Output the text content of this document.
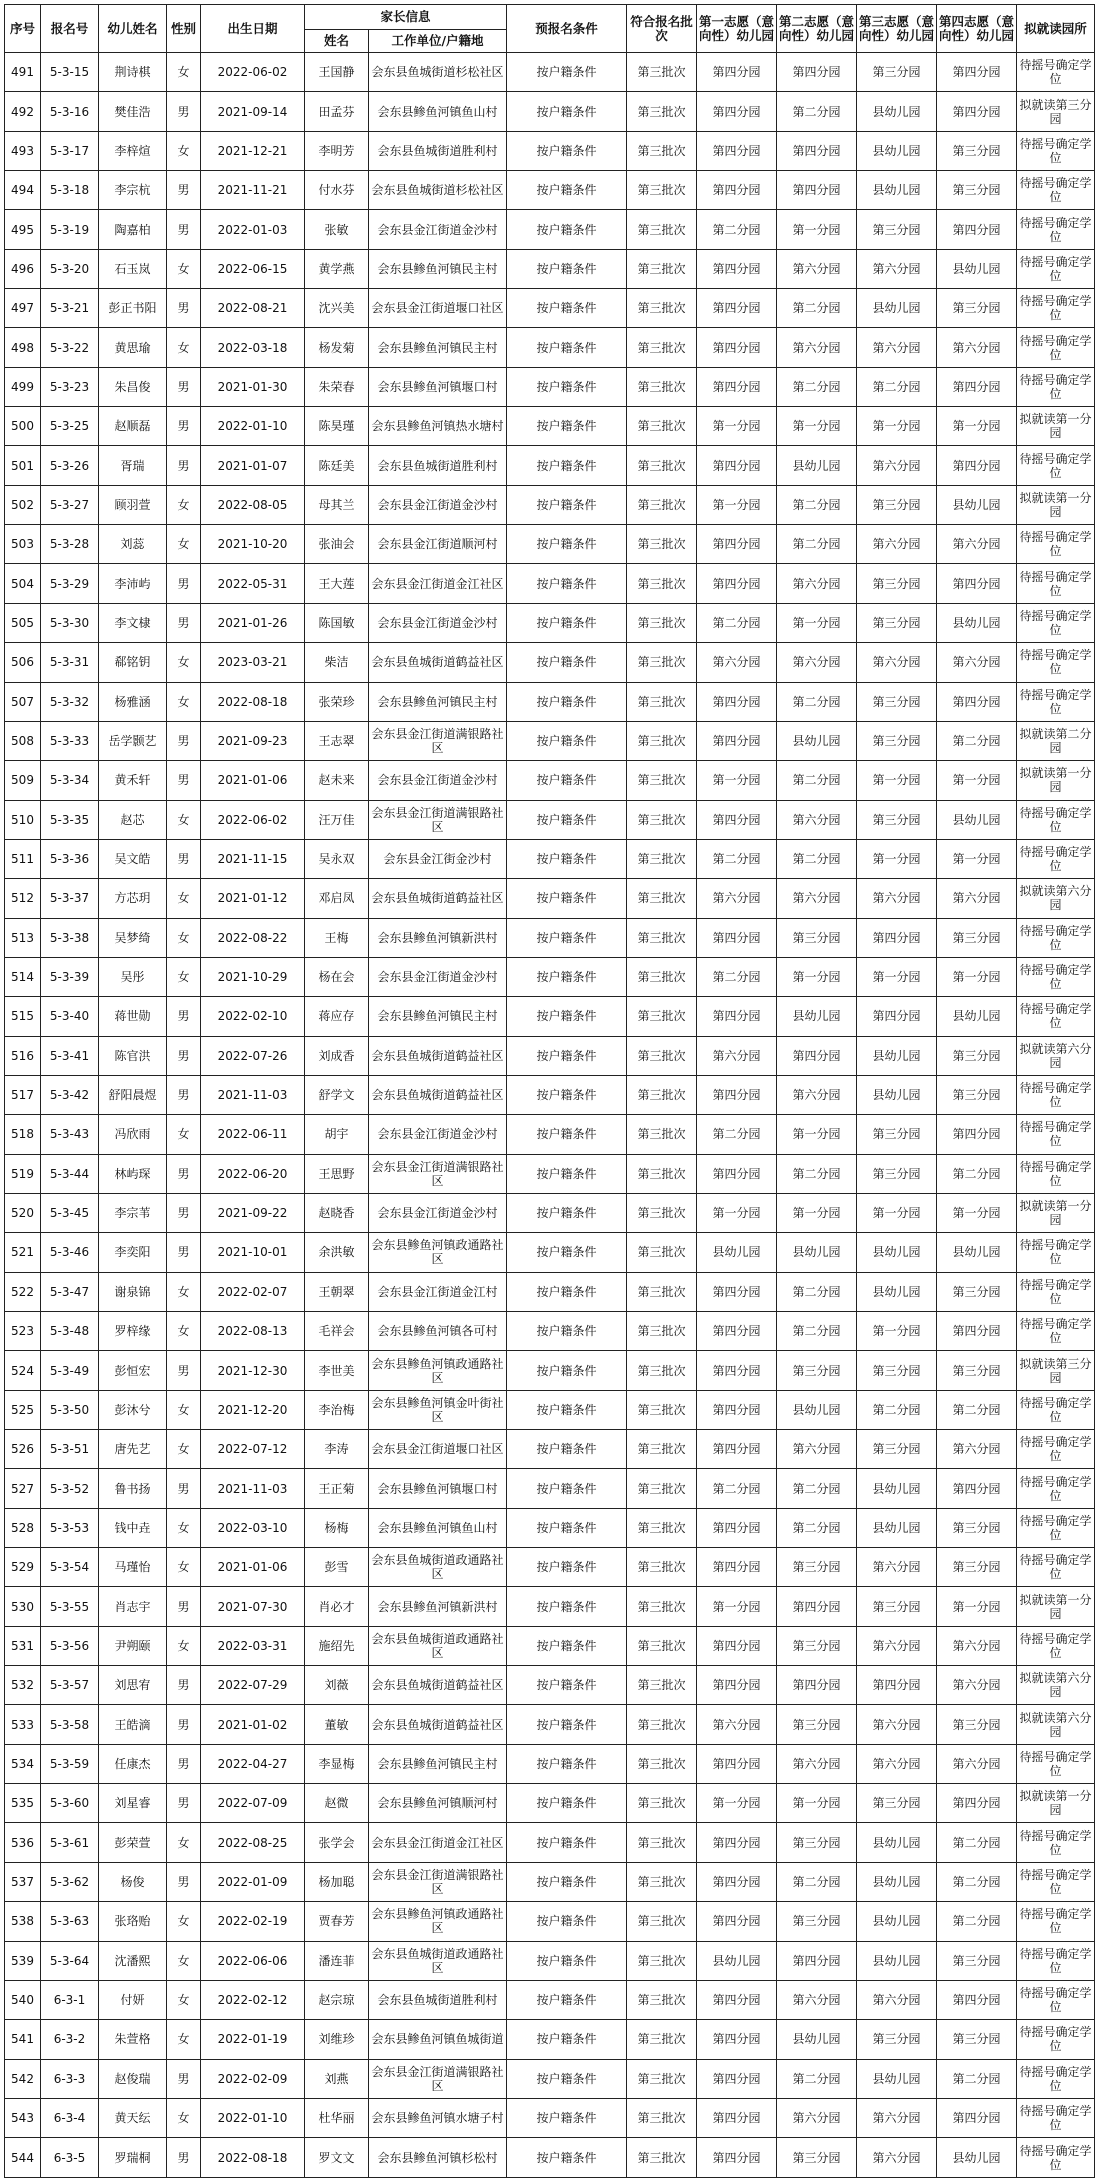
序号	报名号	幼儿姓名	性别	出生日期	家长信息		预报名条件	符合报名批次	第一志愿（意向性）幼儿园	第二志愿（意向性）幼儿园	第三志愿（意向性）幼儿园	第四志愿（意向性）幼儿园	拟就读园所
					姓名	工作单位/户籍地							
491	5-3-15	荆诗棋	女	2022-06-02	王国静	会东县鱼城街道杉松社区	按户籍条件	第三批次	第四分园	第四分园	第三分园	第四分园	待摇号确定学位
492	5-3-16	樊佳浩	男	2021-09-14	田孟芬	会东县鲹鱼河镇鱼山村	按户籍条件	第三批次	第四分园	第二分园	县幼儿园	第四分园	拟就读第三分园
493	5-3-17	李梓煊	女	2021-12-21	李明芳	会东县鱼城街道胜利村	按户籍条件	第三批次	第四分园	第四分园	县幼儿园	第三分园	待摇号确定学位
494	5-3-18	李宗杭	男	2021-11-21	付水芬	会东县鱼城街道杉松社区	按户籍条件	第三批次	第四分园	第四分园	县幼儿园	第三分园	待摇号确定学位
495	5-3-19	陶嘉柏	男	2022-01-03	张敏	会东县金江街道金沙村	按户籍条件	第三批次	第二分园	第一分园	第三分园	第四分园	待摇号确定学位
496	5-3-20	石玉岚	女	2022-06-15	黄学燕	会东县鲹鱼河镇民主村	按户籍条件	第三批次	第四分园	第六分园	第六分园	县幼儿园	待摇号确定学位
497	5-3-21	彭正书阳	男	2022-08-21	沈兴美	会东县金江街道堰口社区	按户籍条件	第三批次	第四分园	第二分园	县幼儿园	第三分园	待摇号确定学位
498	5-3-22	黄思瑜	女	2022-03-18	杨发菊	会东县鲹鱼河镇民主村	按户籍条件	第三批次	第四分园	第六分园	第六分园	第六分园	待摇号确定学位
499	5-3-23	朱昌俊	男	2021-01-30	朱荣春	会东县鲹鱼河镇堰口村	按户籍条件	第三批次	第四分园	第二分园	第二分园	第四分园	待摇号确定学位
500	5-3-25	赵顺磊	男	2022-01-10	陈昊瑾	会东县鲹鱼河镇热水塘村	按户籍条件	第三批次	第一分园	第一分园	第一分园	第一分园	拟就读第一分园
501	5-3-26	胥瑞	男	2021-01-07	陈廷美	会东县鱼城街道胜利村	按户籍条件	第三批次	第四分园	县幼儿园	第六分园	第四分园	待摇号确定学位
502	5-3-27	顾羽萱	女	2022-08-05	母其兰	会东县金江街道金沙村	按户籍条件	第三批次	第一分园	第二分园	第三分园	县幼儿园	拟就读第一分园
503	5-3-28	刘蕊	女	2021-10-20	张油会	会东县金江街道顺河村	按户籍条件	第三批次	第四分园	第二分园	第六分园	第六分园	待摇号确定学位
504	5-3-29	李沛屿	男	2022-05-31	王大莲	会东县金江街道金江社区	按户籍条件	第三批次	第四分园	第六分园	第三分园	第四分园	待摇号确定学位
505	5-3-30	李文棣	男	2021-01-26	陈国敏	会东县金江街道金沙村	按户籍条件	第三批次	第二分园	第一分园	第三分园	县幼儿园	待摇号确定学位
506	5-3-31	郗铭钥	女	2023-03-21	柴洁	会东县鱼城街道鹤益社区	按户籍条件	第三批次	第六分园	第六分园	第六分园	第六分园	待摇号确定学位
507	5-3-32	杨雅涵	女	2022-08-18	张荣珍	会东县鲹鱼河镇民主村	按户籍条件	第三批次	第四分园	第二分园	第三分园	第四分园	待摇号确定学位
508	5-3-33	岳学颢艺	男	2021-09-23	王志翠	会东县金江街道满银路社区	按户籍条件	第三批次	第四分园	县幼儿园	第三分园	第二分园	拟就读第二分园
509	5-3-34	黄禾轩	男	2021-01-06	赵未来	会东县金江街道金沙村	按户籍条件	第三批次	第一分园	第二分园	第一分园	第一分园	拟就读第一分园
510	5-3-35	赵芯	女	2022-06-02	汪万佳	会东县金江街道满银路社区	按户籍条件	第三批次	第四分园	第六分园	第三分园	县幼儿园	待摇号确定学位
511	5-3-36	吴文皓	男	2021-11-15	吴永双	会东县金江街金沙村	按户籍条件	第三批次	第二分园	第二分园	第一分园	第一分园	待摇号确定学位
512	5-3-37	方芯玥	女	2021-01-12	邓启凤	会东县鱼城街道鹤益社区	按户籍条件	第三批次	第六分园	第六分园	第六分园	第六分园	拟就读第六分园
513	5-3-38	吴梦绮	女	2022-08-22	王梅	会东县鲹鱼河镇新洪村	按户籍条件	第三批次	第四分园	第三分园	第四分园	第三分园	待摇号确定学位
514	5-3-39	吴彤	女	2021-10-29	杨在会	会东县金江街道金沙村	按户籍条件	第三批次	第二分园	第一分园	第一分园	第一分园	待摇号确定学位
515	5-3-40	蒋世勋	男	2022-02-10	蒋应存	会东县鲹鱼河镇民主村	按户籍条件	第三批次	第四分园	县幼儿园	第四分园	县幼儿园	待摇号确定学位
516	5-3-41	陈官洪	男	2022-07-26	刘成香	会东县鱼城街道鹤益社区	按户籍条件	第三批次	第六分园	第四分园	县幼儿园	第三分园	拟就读第六分园
517	5-3-42	舒阳晨煜	男	2021-11-03	舒学文	会东县鱼城街道鹤益社区	按户籍条件	第三批次	第四分园	第六分园	县幼儿园	第三分园	待摇号确定学位
518	5-3-43	冯欣雨	女	2022-06-11	胡宇	会东县金江街道金沙村	按户籍条件	第三批次	第二分园	第一分园	第三分园	第四分园	待摇号确定学位
519	5-3-44	林屿琛	男	2022-06-20	王思野	会东县金江街道满银路社区	按户籍条件	第三批次	第四分园	第二分园	第三分园	第二分园	待摇号确定学位
520	5-3-45	李宗苇	男	2021-09-22	赵晓香	会东县金江街道金沙村	按户籍条件	第三批次	第一分园	第一分园	第一分园	第一分园	拟就读第一分园
521	5-3-46	李奕阳	男	2021-10-01	余洪敏	会东县鲹鱼河镇政通路社区	按户籍条件	第三批次	县幼儿园	县幼儿园	县幼儿园	县幼儿园	待摇号确定学位
522	5-3-47	谢泉锦	女	2022-02-07	王朝翠	会东县金江街道金江村	按户籍条件	第三批次	第四分园	第二分园	县幼儿园	第三分园	待摇号确定学位
523	5-3-48	罗梓缘	女	2022-08-13	毛祥会	会东县鲹鱼河镇各可村	按户籍条件	第三批次	第四分园	第二分园	第一分园	第四分园	待摇号确定学位
524	5-3-49	彭恒宏	男	2021-12-30	李世美	会东县鲹鱼河镇政通路社区	按户籍条件	第三批次	第四分园	第三分园	第三分园	第三分园	拟就读第三分园
525	5-3-50	彭沐兮	女	2021-12-20	李治梅	会东县鲹鱼河镇金叶街社区	按户籍条件	第三批次	第四分园	县幼儿园	第二分园	第二分园	待摇号确定学位
526	5-3-51	唐先艺	女	2022-07-12	李涛	会东县金江街道堰口社区	按户籍条件	第三批次	第四分园	第六分园	第三分园	第六分园	待摇号确定学位
527	5-3-52	鲁书扬	男	2021-11-03	王正菊	会东县鲹鱼河镇堰口村	按户籍条件	第三批次	第二分园	第二分园	县幼儿园	第四分园	待摇号确定学位
528	5-3-53	钱中垚	女	2022-03-10	杨梅	会东县鲹鱼河镇鱼山村	按户籍条件	第三批次	第四分园	第二分园	县幼儿园	第三分园	待摇号确定学位
529	5-3-54	马瑾怡	女	2021-01-06	彭雪	会东县鱼城街道政通路社区	按户籍条件	第三批次	第四分园	第三分园	第六分园	第三分园	待摇号确定学位
530	5-3-55	肖志宇	男	2021-07-30	肖必才	会东县鲹鱼河镇新洪村	按户籍条件	第三批次	第一分园	第四分园	第三分园	第一分园	拟就读第一分园
531	5-3-56	尹朔颐	女	2022-03-31	施绍先	会东县鱼城街道政通路社区	按户籍条件	第三批次	第四分园	第三分园	第六分园	第六分园	待摇号确定学位
532	5-3-57	刘思宥	男	2022-07-29	刘薇	会东县鱼城街道鹤益社区	按户籍条件	第三批次	第四分园	第四分园	第四分园	第六分园	拟就读第六分园
533	5-3-58	王皓滴	男	2021-01-02	董敏	会东县鱼城街道鹤益社区	按户籍条件	第三批次	第六分园	第三分园	第六分园	第三分园	拟就读第六分园
534	5-3-59	任康杰	男	2022-04-27	李显梅	会东县鲹鱼河镇民主村	按户籍条件	第三批次	第四分园	第六分园	第六分园	第六分园	待摇号确定学位
535	5-3-60	刘星睿	男	2022-07-09	赵微	会东县鲹鱼河镇顺河村	按户籍条件	第三批次	第一分园	第一分园	第三分园	第四分园	拟就读第一分园
536	5-3-61	彭荣萱	女	2022-08-25	张学会	会东县金江街道金江社区	按户籍条件	第三批次	第四分园	第三分园	县幼儿园	第二分园	待摇号确定学位
537	5-3-62	杨俊	男	2022-01-09	杨加聪	会东县金江街道满银路社区	按户籍条件	第三批次	第四分园	第二分园	县幼儿园	第二分园	待摇号确定学位
538	5-3-63	张珞贻	女	2022-02-19	贾春芳	会东县鲹鱼河镇政通路社区	按户籍条件	第三批次	第四分园	第三分园	县幼儿园	第二分园	待摇号确定学位
539	5-3-64	沈潘熙	女	2022-06-06	潘连菲	会东县鱼城街道政通路社区	按户籍条件	第三批次	县幼儿园	第四分园	县幼儿园	第三分园	待摇号确定学位
540	6-3-1	付妍	女	2022-02-12	赵宗琼	会东县鱼城街道胜利村	按户籍条件	第三批次	第四分园	第六分园	第六分园	第四分园	待摇号确定学位
541	6-3-2	朱萱格	女	2022-01-19	刘维珍	会东县鲹鱼河镇鱼城街道	按户籍条件	第三批次	第四分园	县幼儿园	第三分园	第三分园	待摇号确定学位
542	6-3-3	赵俊瑞	男	2022-02-09	刘燕	会东县金江街道满银路社区	按户籍条件	第三批次	第四分园	第二分园	县幼儿园	第二分园	待摇号确定学位
543	6-3-4	黄天纭	女	2022-01-10	杜华丽	会东县鲹鱼河镇水塘子村	按户籍条件	第三批次	第四分园	第六分园	第六分园	第四分园	待摇号确定学位
544	6-3-5	罗瑞桐	男	2022-08-18	罗文文	会东县鲹鱼河镇杉松村	按户籍条件	第三批次	第四分园	第三分园	第六分园	县幼儿园	待摇号确定学位
